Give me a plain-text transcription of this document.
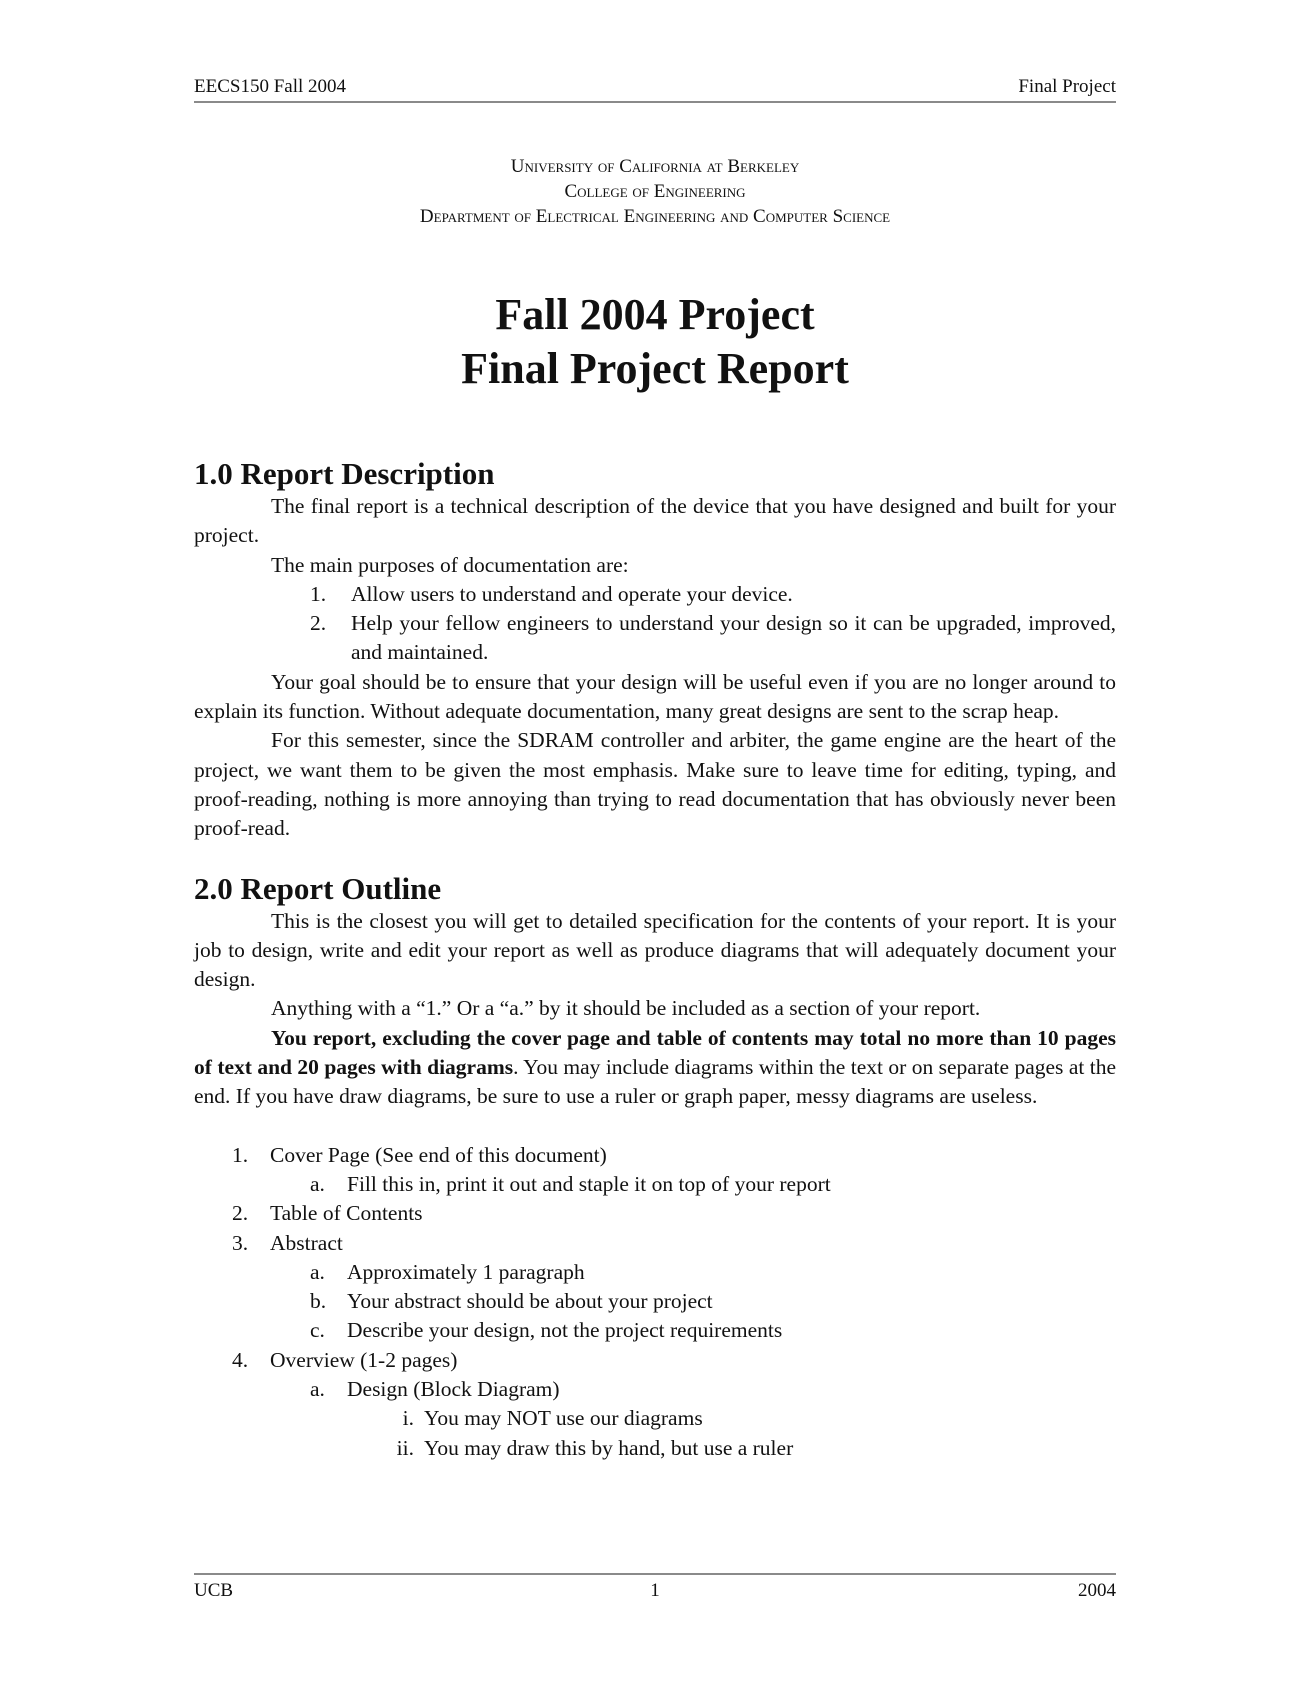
EECS150 Fall 2004	Final Project
University of California at Berkeley
College of Engineering
Department of Electrical Engineering and Computer Science
Fall 2004 Project
Final Project Report
1.0 Report Description

The final report is a technical description of the device that you have designed and built for your project.

The main purposes of documentation are:

1. Allow users to understand and operate your device.
2. Help your fellow engineers to understand your design so it can be upgraded, improved, and maintained.

Your goal should be to ensure that your design will be useful even if you are no longer around to explain its function. Without adequate documentation, many great designs are sent to the scrap heap.

For this semester, since the SDRAM controller and arbiter, the game engine are the heart of the project, we want them to be given the most emphasis. Make sure to leave time for editing, typing, and proof-reading, nothing is more annoying than trying to read documentation that has obviously never been proof-read.

2.0 Report Outline

This is the closest you will get to detailed specification for the contents of your report. It is your job to design, write and edit your report as well as produce diagrams that will adequately document your design.

Anything with a “1.” Or a “a.” by it should be included as a section of your report.

You report, excluding the cover page and table of contents may total no more than 10 pages of text and 20 pages with diagrams. You may include diagrams within the text or on separate pages at the end. If you have draw diagrams, be sure to use a ruler or graph paper, messy diagrams are useless.

1. Cover Page (See end of this document)
a. Fill this in, print it out and staple it on top of your report
2. Table of Contents
3. Abstract
a. Approximately 1 paragraph
b. Your abstract should be about your project
c. Describe your design, not the project requirements
4. Overview (1-2 pages)
a. Design (Block Diagram)
i. You may NOT use our diagrams
ii. You may draw this by hand, but use a ruler
UCB	1	2004
